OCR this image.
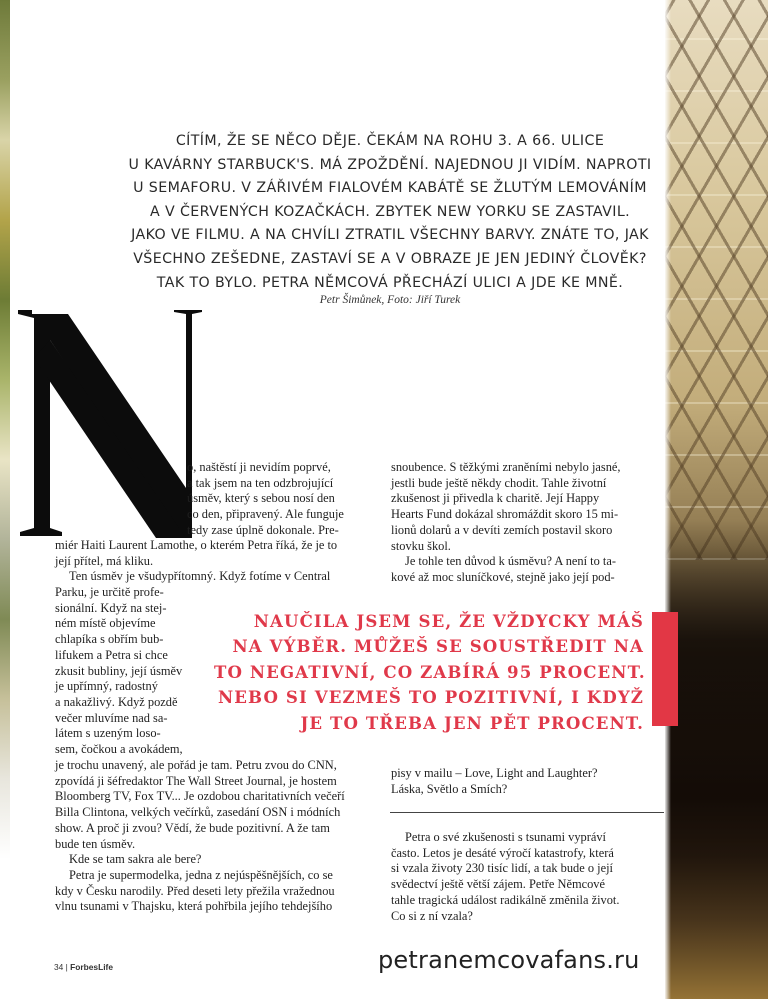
CÍTÍM, ŽE SE NĚCO DĚJE. ČEKÁM NA ROHU 3. A 66. ULICE
U KAVÁRNY STARBUCK'S. MÁ ZPOŽDĚNÍ. NAJEDNOU JI VIDÍM. NAPROTI
U SEMAFORU. V ZÁŘIVÉM FIALOVÉM KABÁTĚ SE ŽLUTÝM LEMOVÁNÍM
A V ČERVENÝCH KOZAČKÁCH. ZBYTEK NEW YORKU SE ZASTAVIL.
JAKO VE FILMU. A NA CHVÍLI ZTRATIL VŠECHNY BARVY. ZNÁTE TO, JAK
VŠECHNO ZEŠEDNE, ZASTAVÍ SE A V OBRAZE JE JEN JEDINÝ ČLOVĚK?
TAK TO BYLO. PETRA NĚMCOVÁ PŘECHÁZÍ ULICI A JDE KE MNĚ.
Petr Šimůnek, Foto: Jiří Turek
o, naštěstí ji nevidím poprvé,
a tak jsem na ten odzbrojující
úsměv, který s sebou nosí den
co den, připravený. Ale funguje
tedy zase úplně dokonale. Pre-
miér Haiti Laurent Lamothe, o kterém Petra říká, že je to
její přítel, má kliku.
Ten úsměv je všudypřítomný. Když fotíme v Central
Parku, je určitě profe-
sionální. Když na stej-
ném místě objevíme
chlapíka s obřím bub-
lifukem a Petra si chce
zkusit bubliny, její úsměv
je upřímný, radostný
a nakažlivý. Když pozdě
večer mluvíme nad sa-
látem s uzeným loso-
sem, čočkou a avokádem,
je trochu unavený, ale pořád je tam. Petru zvou do CNN,
zpovídá ji šéfredaktor The Wall Street Journal, je hostem
Bloomberg TV, Fox TV... Je ozdobou charitativních večeří
Billa Clintona, velkých večírků, zasedání OSN i módních
show. A proč ji zvou? Vědí, že bude pozitivní. A že tam
bude ten úsměv.
Kde se tam sakra ale bere?
Petra je supermodelka, jedna z nejúspěšnějších, co se
kdy v Česku narodily. Před deseti lety přežila vražednou
vlnu tsunami v Thajsku, která pohřbila jejího tehdejšího
snoubence. S těžkými zraněními nebylo jasné,
jestli bude ještě někdy chodit. Tahle životní
zkušenost ji přivedla k charitě. Její Happy
Hearts Fund dokázal shromáždit skoro 15 mi-
lionů dolarů a v devíti zemích postavil skoro
stovku škol.
Je tohle ten důvod k úsměvu? A není to ta-
kové až moc sluníčkové, stejně jako její pod-
pisy v mailu – Love, Light and Laughter?
Láska, Světlo a Smích?
Petra o své zkušenosti s tsunami vypráví
často. Letos je desáté výročí katastrofy, která
si vzala životy 230 tisíc lidí, a tak bude o její
svědectví ještě větší zájem. Petře Němcové
tahle tragická událost radikálně změnila život.
Co si z ní vzala?
NAUČILA JSEM SE, ŽE VŽDYCKY MÁŠ
NA VÝBĚR. MŮŽEŠ SE SOUSTŘEDIT NA
TO NEGATIVNÍ, CO ZABÍRÁ 95 PROCENT.
NEBO SI VEZMEŠ TO POZITIVNÍ, I KDYŽ
JE TO TŘEBA JEN PĚT PROCENT.
34 | ForbesLife	petranemcovafans.ru
